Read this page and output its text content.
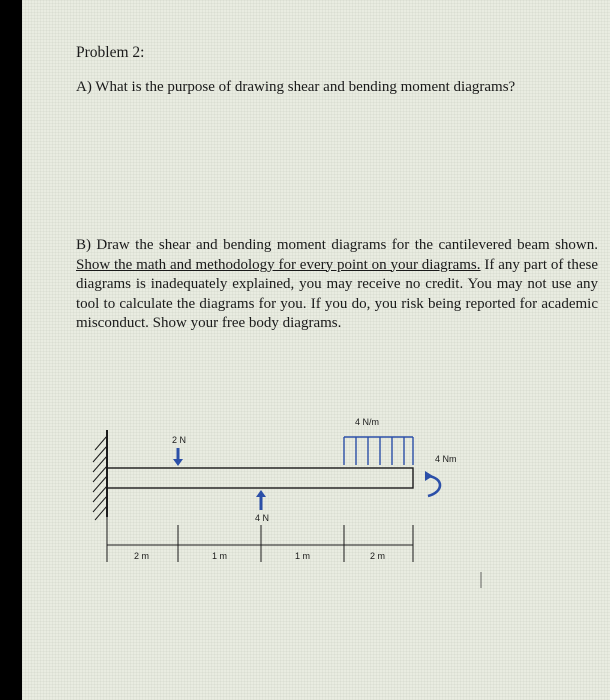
Problem 2:

A) What is the purpose of drawing shear and bending moment diagrams?

B) Draw the shear and bending moment diagrams for the cantilevered beam shown. Show the math and methodology for every point on your diagrams. If any part of these diagrams is inadequately explained, you may receive no credit. You may not use any tool to calculate the diagrams for you. If you do, you risk being reported for academic misconduct. Show your free body diagrams.

2 N
4 N
4 N/m
4 Nm
2 m	1 m	1 m	2 m
